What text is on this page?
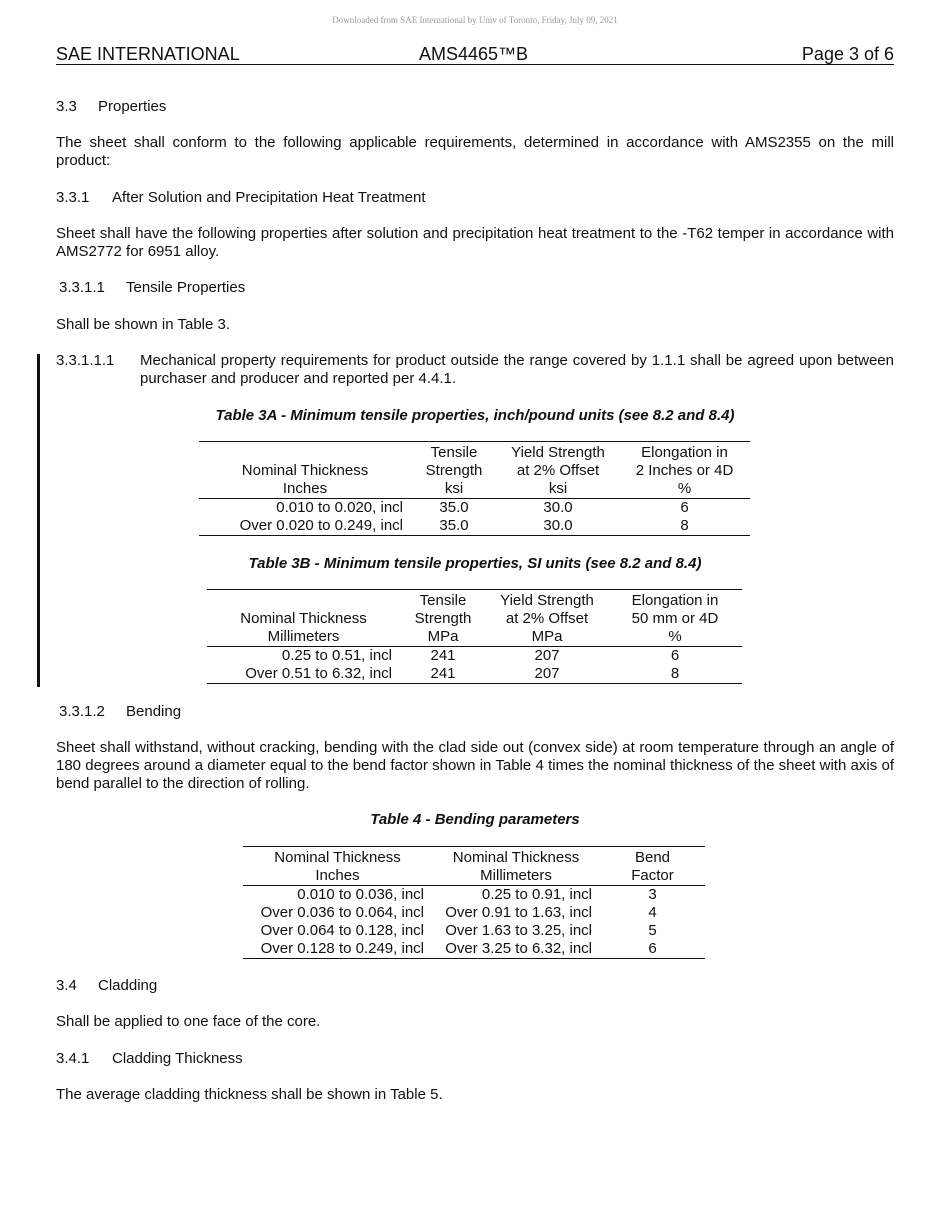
Downloaded from SAE International by Univ of Toronto, Friday, July 09, 2021
SAE INTERNATIONAL	AMS4465™B	Page 3 of 6
3.3 Properties
The sheet shall conform to the following applicable requirements, determined in accordance with AMS2355 on the mill product:
3.3.1 After Solution and Precipitation Heat Treatment
Sheet shall have the following properties after solution and precipitation heat treatment to the -T62 temper in accordance with AMS2772 for 6951 alloy.
3.3.1.1 Tensile Properties
Shall be shown in Table 3.
3.3.1.1.1 Mechanical property requirements for product outside the range covered by 1.1.1 shall be agreed upon between purchaser and producer and reported per 4.4.1.
Table 3A - Minimum tensile properties, inch/pound units (see 8.2 and 8.4)
	Tensile	Yield Strength	Elongation in
Nominal Thickness	Strength	at 2% Offset	2 Inches or 4D
Inches	ksi	ksi	%
0.010 to 0.020, incl	35.0	30.0	6
Over 0.020 to 0.249, incl	35.0	30.0	8
Table 3B - Minimum tensile properties, SI units (see 8.2 and 8.4)
	Tensile	Yield Strength	Elongation in
Nominal Thickness	Strength	at 2% Offset	50 mm or 4D
Millimeters	MPa	MPa	%
0.25 to 0.51, incl	241	207	6
Over 0.51 to 6.32, incl	241	207	8
3.3.1.2 Bending
Sheet shall withstand, without cracking, bending with the clad side out (convex side) at room temperature through an angle of 180 degrees around a diameter equal to the bend factor shown in Table 4 times the nominal thickness of the sheet with axis of bend parallel to the direction of rolling.
Table 4 - Bending parameters
Nominal Thickness	Nominal Thickness	Bend
Inches	Millimeters	Factor
0.010 to 0.036, incl	0.25 to 0.91, incl	3
Over 0.036 to 0.064, incl	Over 0.91 to 1.63, incl	4
Over 0.064 to 0.128, incl	Over 1.63 to 3.25, incl	5
Over 0.128 to 0.249, incl	Over 3.25 to 6.32, incl	6
3.4 Cladding
Shall be applied to one face of the core.
3.4.1 Cladding Thickness
The average cladding thickness shall be shown in Table 5.
